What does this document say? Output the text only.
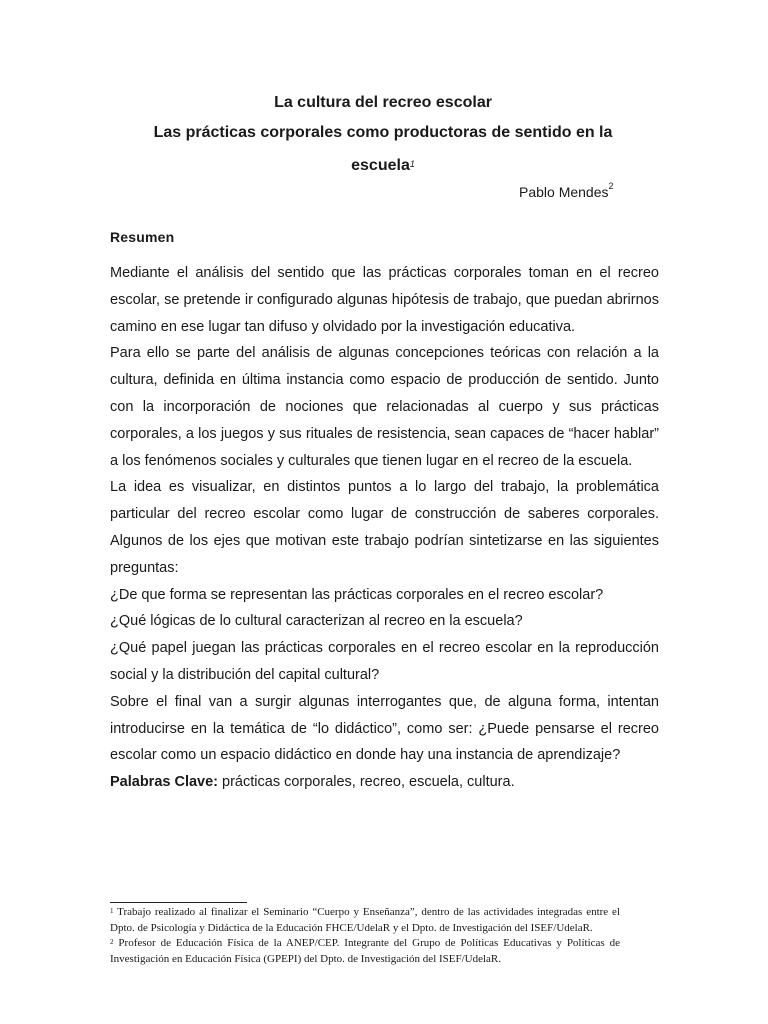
La cultura del recreo escolar
Las prácticas corporales como productoras de sentido en la
escuela$^1$
Pablo Mendes$^2$
Resumen

Mediante el análisis del sentido que las prácticas corporales toman en el recreo escolar, se pretende ir configurado algunas hipótesis de trabajo, que puedan abrirnos camino en ese lugar tan difuso y olvidado por la investigación educativa.

Para ello se parte del análisis de algunas concepciones teóricas con relación a la cultura, definida en última instancia como espacio de producción de sentido. Junto con la incorporación de nociones que relacionadas al cuerpo y sus prácticas corporales, a los juegos y sus rituales de resistencia, sean capaces de “hacer hablar” a los fenómenos sociales y culturales que tienen lugar en el recreo de la escuela.

La idea es visualizar, en distintos puntos a lo largo del trabajo, la problemática particular del recreo escolar como lugar de construcción de saberes corporales. Algunos de los ejes que motivan este trabajo podrían sintetizarse en las siguientes preguntas:

¿De que forma se representan las prácticas corporales en el recreo escolar?

¿Qué lógicas de lo cultural caracterizan al recreo en la escuela?

¿Qué papel juegan las prácticas corporales en el recreo escolar en la reproducción social y la distribución del capital cultural?

Sobre el final van a surgir algunas interrogantes que, de alguna forma, intentan introducirse en la temática de “lo didáctico”, como ser: ¿Puede pensarse el recreo escolar como un espacio didáctico en donde hay una instancia de aprendizaje?

Palabras Clave: prácticas corporales, recreo, escuela, cultura.

$^1$ Trabajo realizado al finalizar el Seminario “Cuerpo y Enseñanza”, dentro de las actividades integradas entre el Dpto. de Psicología y Didáctica de la Educación FHCE/UdelaR y el Dpto. de Investigación del ISEF/UdelaR.

$^2$ Profesor de Educación Física de la ANEP/CEP. Integrante del Grupo de Políticas Educativas y Políticas de Investigación en Educación Física (GPEPI) del Dpto. de Investigación del ISEF/UdelaR.
